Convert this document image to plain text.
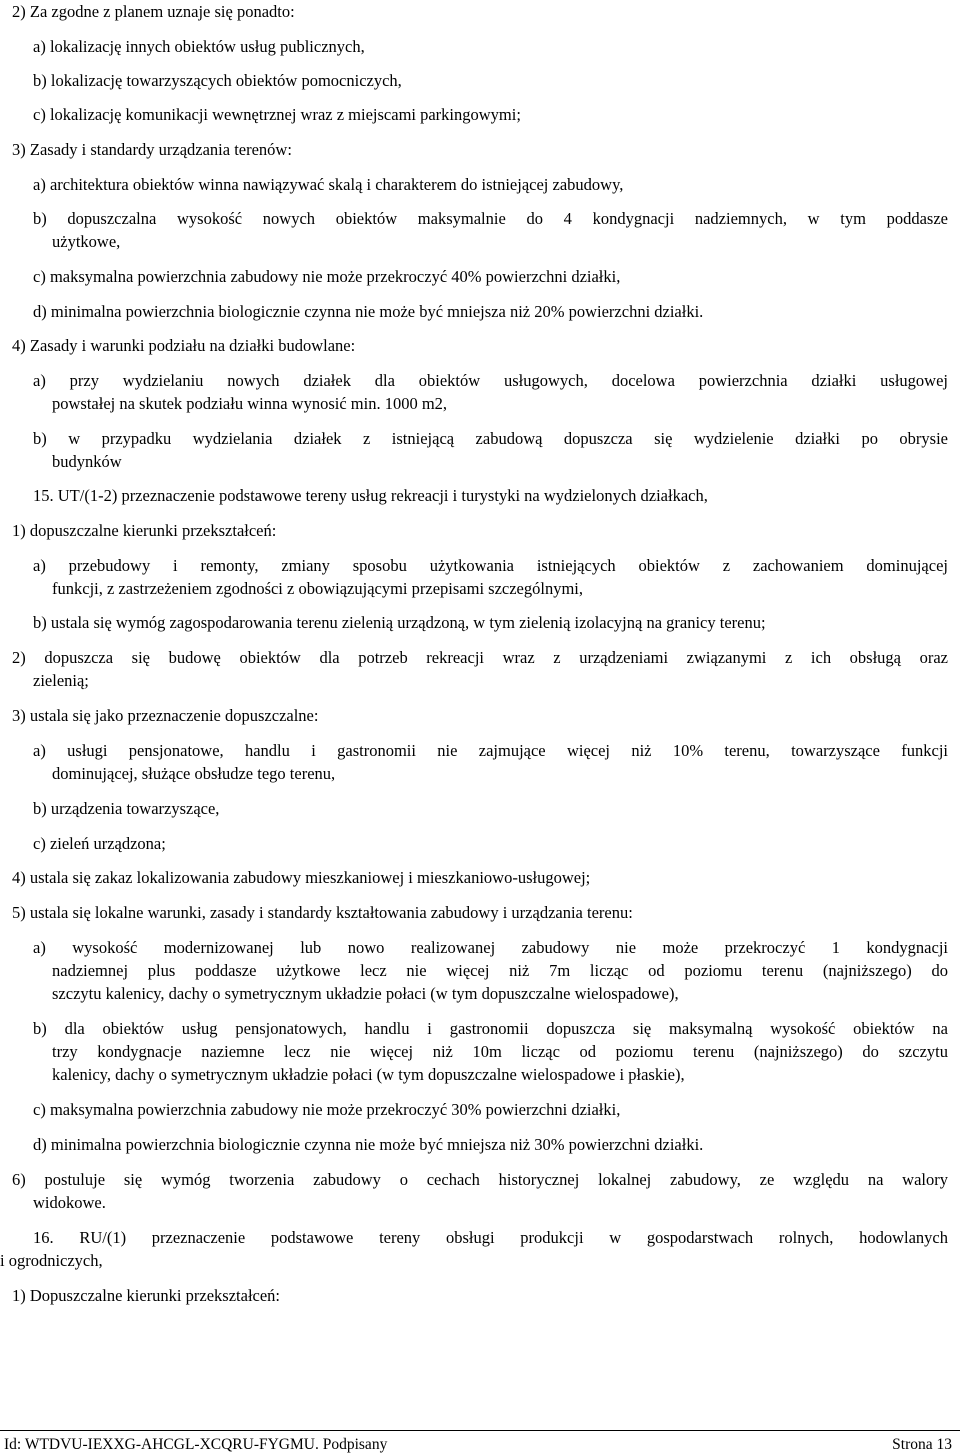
2) Za zgodne z planem uznaje się ponadto:

a) lokalizację innych obiektów usług publicznych,

b) lokalizację towarzyszących obiektów pomocniczych,

c) lokalizację komunikacji wewnętrznej wraz z miejscami parkingowymi;

3) Zasady i standardy urządzania terenów:

a) architektura obiektów winna nawiązywać skalą i charakterem do istniejącej zabudowy,

b) dopuszczalna wysokość nowych obiektów maksymalnie do 4 kondygnacji nadziemnych, w tym poddasze

użytkowe,

c) maksymalna powierzchnia zabudowy nie może przekroczyć 40% powierzchni działki,

d) minimalna powierzchnia biologicznie czynna nie może być mniejsza niż 20% powierzchni działki.

4) Zasady i warunki podziału na działki budowlane:

a) przy wydzielaniu nowych działek dla obiektów usługowych, docelowa powierzchnia działki usługowej

powstałej na skutek podziału winna wynosić min. 1000 m2,

b) w przypadku wydzielania działek z istniejącą zabudową dopuszcza się wydzielenie działki po obrysie

budynków

15. UT/(1-2) przeznaczenie podstawowe tereny usług rekreacji i turystyki na wydzielonych działkach,

1) dopuszczalne kierunki przekształceń:

a) przebudowy i remonty, zmiany sposobu użytkowania istniejących obiektów z zachowaniem dominującej

funkcji, z zastrzeżeniem zgodności z obowiązującymi przepisami szczególnymi,

b) ustala się wymóg zagospodarowania terenu zielenią urządzoną, w tym zielenią izolacyjną na granicy terenu;

2) dopuszcza się budowę obiektów dla potrzeb rekreacji wraz z urządzeniami związanymi z ich obsługą oraz

zielenią;

3) ustala się jako przeznaczenie dopuszczalne:

a) usługi pensjonatowe, handlu i gastronomii nie zajmujące więcej niż 10% terenu, towarzyszące funkcji

dominującej, służące obsłudze tego terenu,

b) urządzenia towarzyszące,

c) zieleń urządzona;

4) ustala się zakaz lokalizowania zabudowy mieszkaniowej i mieszkaniowo-usługowej;

5) ustala się lokalne warunki, zasady i standardy kształtowania zabudowy i urządzania terenu:

a) wysokość modernizowanej lub nowo realizowanej zabudowy nie może przekroczyć 1 kondygnacji

nadziemnej plus poddasze użytkowe lecz nie więcej niż 7m licząc od poziomu terenu (najniższego) do

szczytu kalenicy, dachy o symetrycznym układzie połaci (w tym dopuszczalne wielospadowe),

b) dla obiektów usług pensjonatowych, handlu i gastronomii dopuszcza się maksymalną wysokość obiektów na

trzy kondygnacje naziemne lecz nie więcej niż 10m licząc od poziomu terenu (najniższego) do szczytu

kalenicy, dachy o symetrycznym układzie połaci (w tym dopuszczalne wielospadowe i płaskie),

c) maksymalna powierzchnia zabudowy nie może przekroczyć 30% powierzchni działki,

d) minimalna powierzchnia biologicznie czynna nie może być mniejsza niż 30% powierzchni działki.

6) postuluje się wymóg tworzenia zabudowy o cechach historycznej lokalnej zabudowy, ze względu na walory

widokowe.

16. RU/(1) przeznaczenie podstawowe tereny obsługi produkcji w gospodarstwach rolnych, hodowlanych

i ogrodniczych,

1) Dopuszczalne kierunki przekształceń:

Id: WTDVU-IEXXG-AHCGL-XCQRU-FYGMU. Podpisany	Strona 13
